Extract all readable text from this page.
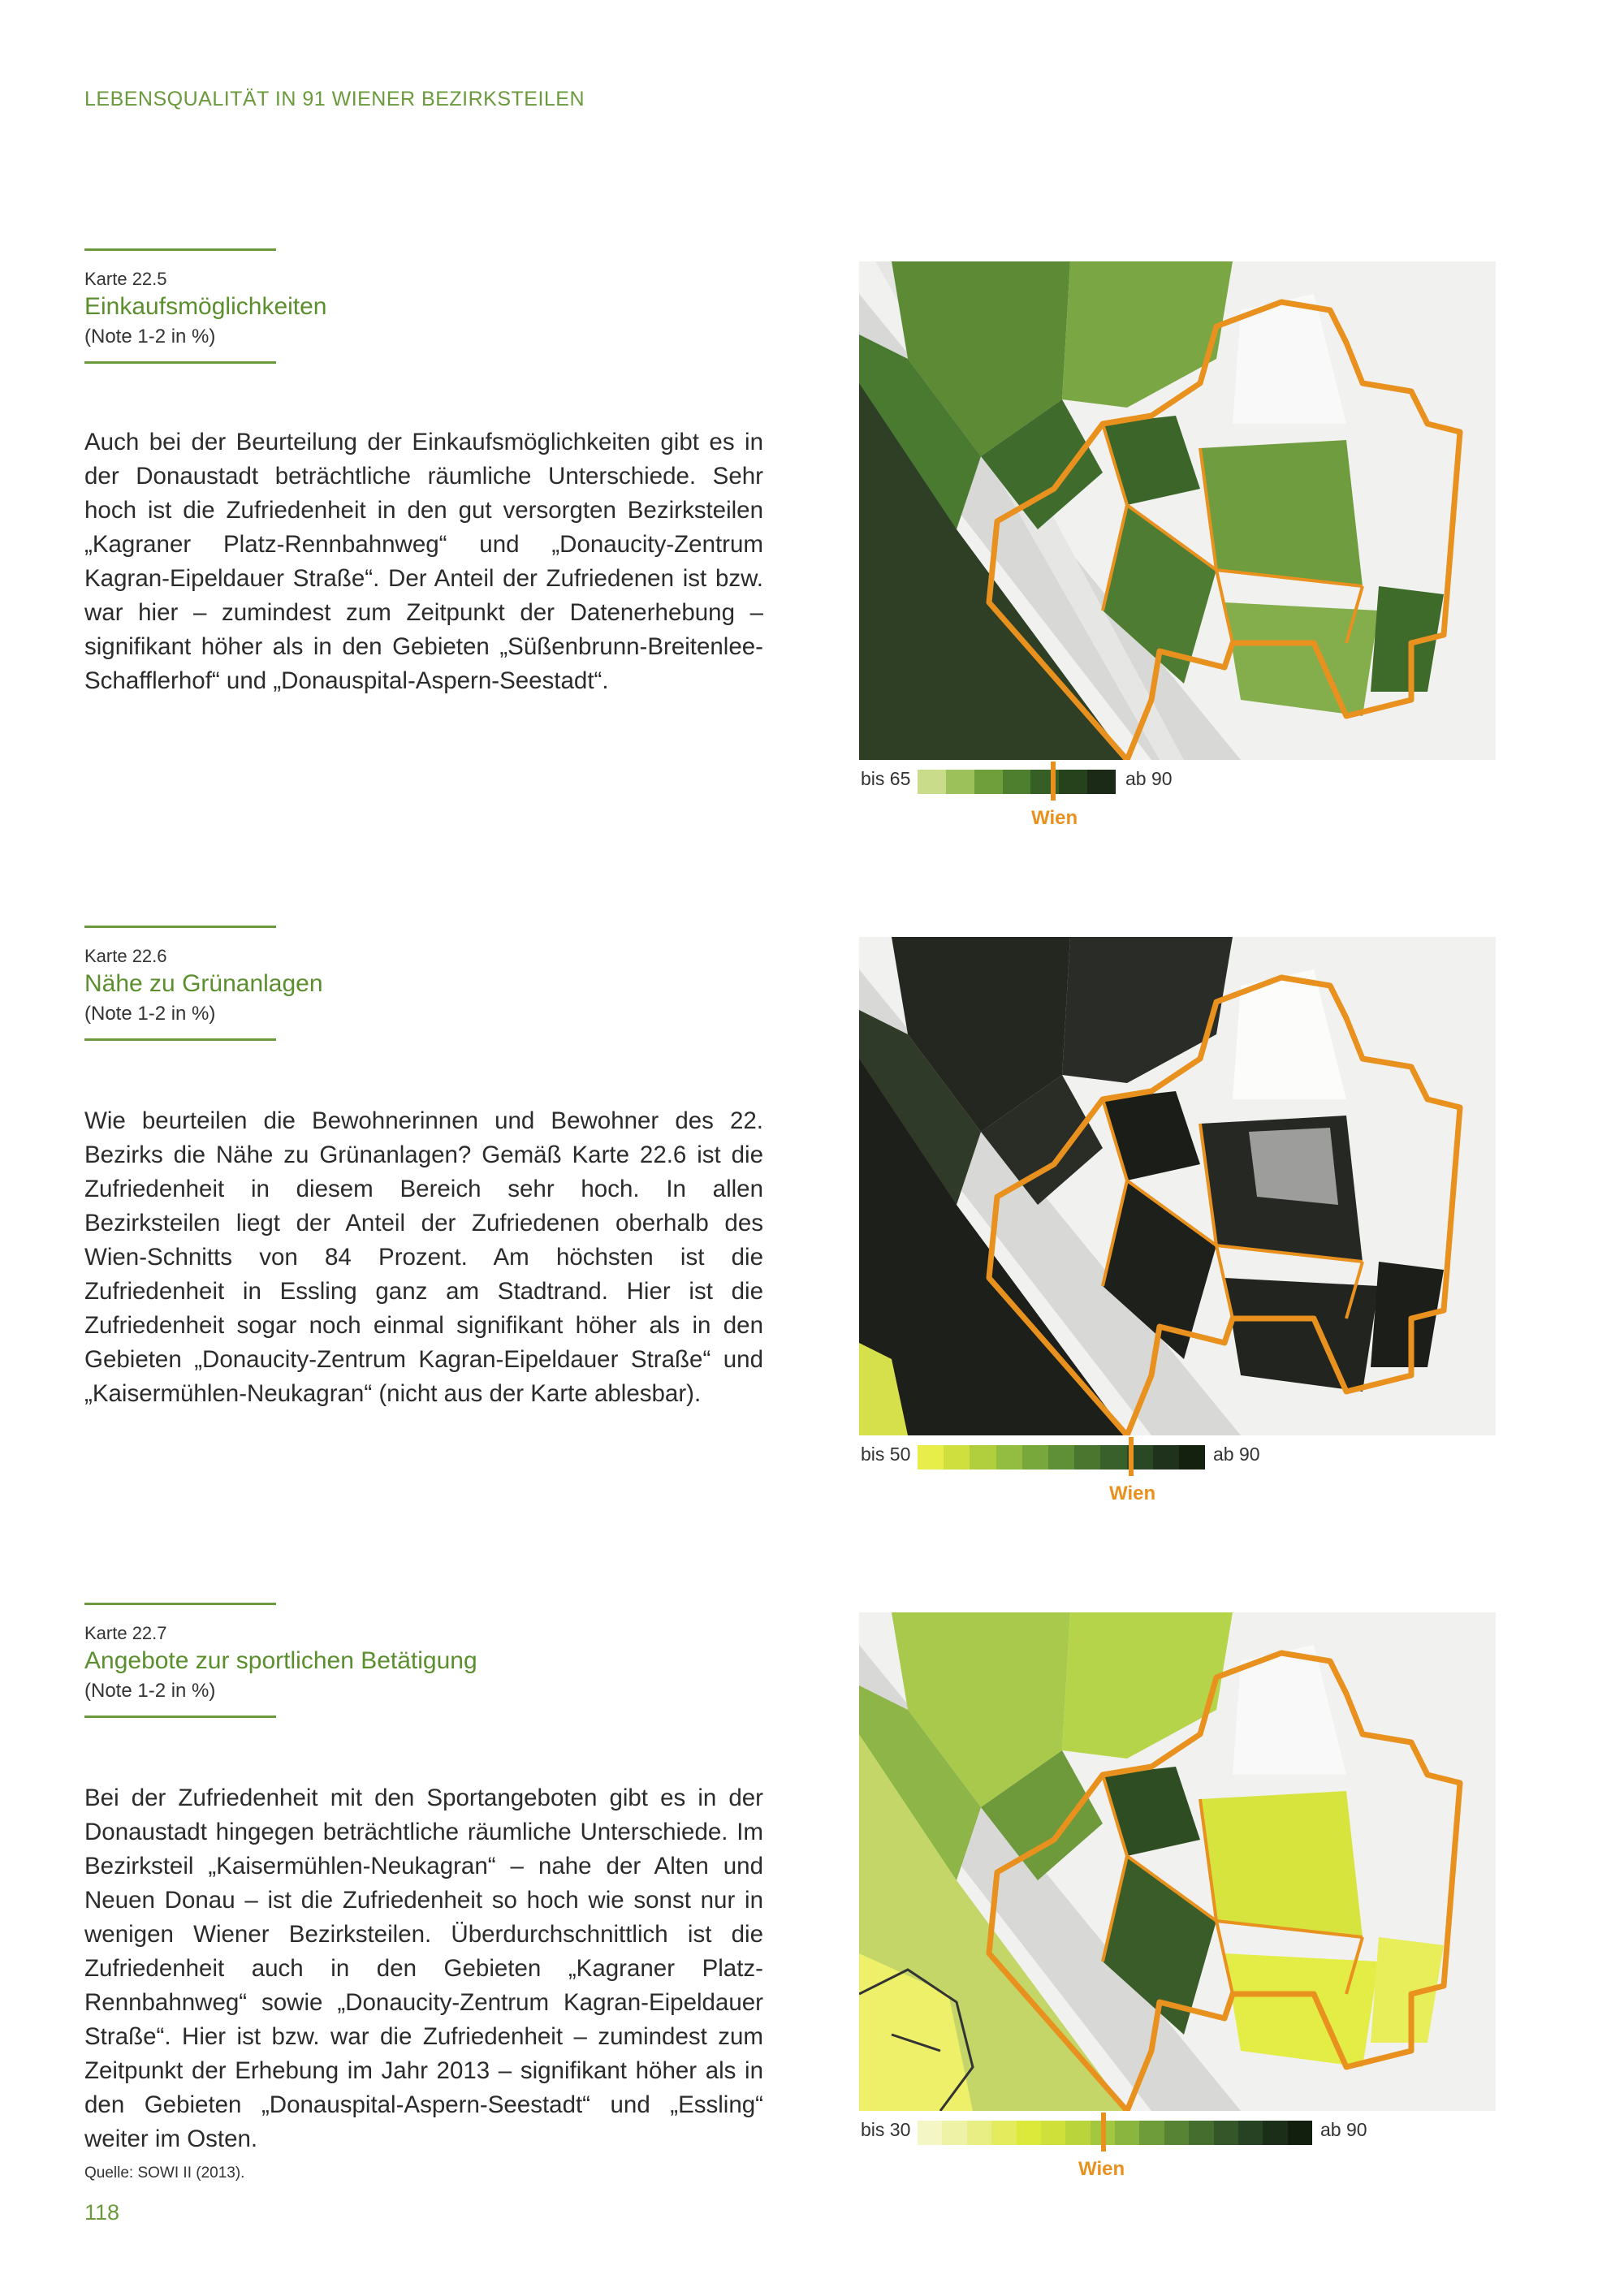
LEBENSQUALITÄT IN 91 WIENER BEZIRKSTEILEN
Karte 22.5
Einkaufsmöglichkeiten
(Note 1-2 in %)
Auch bei der Beurteilung der Einkaufsmöglichkeiten gibt es in der Donaustadt beträchtliche räumliche Unterschiede. Sehr hoch ist die Zufriedenheit in den gut versorgten Bezirksteilen „Kagraner Platz-Rennbahnweg“ und „Donaucity-Zentrum Kagran-Eipeldauer Straße“. Der Anteil der Zufriedenen ist bzw. war hier – zumindest zum Zeitpunkt der Datenerhebung – signifikant höher als in den Gebieten „Süßenbrunn-Breitenlee-Schafflerhof“ und „Donauspital-Aspern-Seestadt“.
bis 65	ab 90
Wien
Karte 22.6
Nähe zu Grünanlagen
(Note 1-2 in %)
Wie beurteilen die Bewohnerinnen und Bewohner des 22. Bezirks die Nähe zu Grünanlagen? Gemäß Karte 22.6 ist die Zufriedenheit in diesem Bereich sehr hoch. In allen Bezirksteilen liegt der Anteil der Zufriedenen oberhalb des Wien-Schnitts von 84 Prozent. Am höchsten ist die Zufriedenheit in Essling ganz am Stadtrand. Hier ist die Zufriedenheit sogar noch einmal signifikant höher als in den Gebieten „Donaucity-Zentrum Kagran-Eipeldauer Straße“ und „Kaisermühlen-Neukagran“ (nicht aus der Karte ablesbar).
bis 50	ab 90
Wien
Karte 22.7
Angebote zur sportlichen Betätigung
(Note 1-2 in %)
Bei der Zufriedenheit mit den Sportangeboten gibt es in der Donaustadt hingegen beträchtliche räumliche Unterschiede. Im Bezirksteil „Kaisermühlen-Neukagran“ – nahe der Alten und Neuen Donau – ist die Zufriedenheit so hoch wie sonst nur in wenigen Wiener Bezirksteilen. Überdurchschnittlich ist die Zufriedenheit auch in den Gebieten „Kagraner Platz-Rennbahnweg“ sowie „Donaucity-Zentrum Kagran-Eipeldauer Straße“. Hier ist bzw. war die Zufriedenheit – zumindest zum Zeitpunkt der Erhebung im Jahr 2013 – signifikant höher als in den Gebieten „Donauspital-Aspern-Seestadt“ und „Essling“ weiter im Osten.	bis 30	ab 90
Wien
Quelle: SOWI II (2013).
118
